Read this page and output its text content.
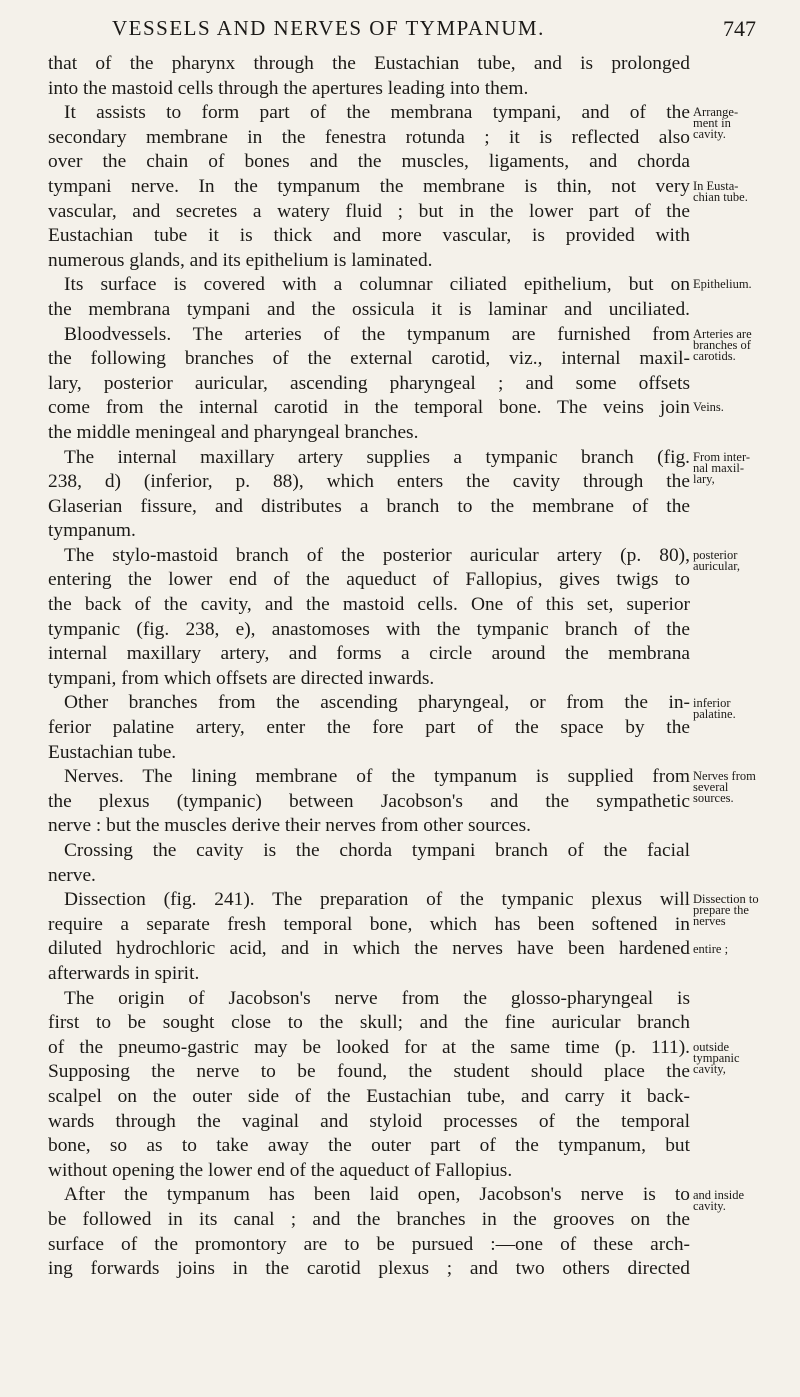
VESSELS AND NERVES OF TYMPANUM.	747
that of the pharynx through the Eustachian tube, and is prolonged
into the mastoid cells through the apertures leading into them.
It assists to form part of the membrana tympani, and of the
secondary membrane in the fenestra rotunda ; it is reflected also
over the chain of bones and the muscles, ligaments, and chorda
tympani nerve. In the tympanum the membrane is thin, not very
vascular, and secretes a watery fluid ; but in the lower part of the
Eustachian tube it is thick and more vascular, is provided with
numerous glands, and its epithelium is laminated.
Its surface is covered with a columnar ciliated epithelium, but on
the membrana tympani and the ossicula it is laminar and unciliated.
Bloodvessels. The arteries of the tympanum are furnished from
the following branches of the external carotid, viz., internal maxil-
lary, posterior auricular, ascending pharyngeal ; and some offsets
come from the internal carotid in the temporal bone. The veins join
the middle meningeal and pharyngeal branches.
The internal maxillary artery supplies a tympanic branch (fig.
238, d) (inferior, p. 88), which enters the cavity through the
Glaserian fissure, and distributes a branch to the membrane of the
tympanum.
The stylo-mastoid branch of the posterior auricular artery (p. 80),
entering the lower end of the aqueduct of Fallopius, gives twigs to
the back of the cavity, and the mastoid cells. One of this set, superior
tympanic (fig. 238, e), anastomoses with the tympanic branch of the
internal maxillary artery, and forms a circle around the membrana
tympani, from which offsets are directed inwards.
Other branches from the ascending pharyngeal, or from the in-
ferior palatine artery, enter the fore part of the space by the
Eustachian tube.
Nerves. The lining membrane of the tympanum is supplied from
the plexus (tympanic) between Jacobson's and the sympathetic
nerve : but the muscles derive their nerves from other sources.
Crossing the cavity is the chorda tympani branch of the facial
nerve.
Dissection (fig. 241). The preparation of the tympanic plexus will
require a separate fresh temporal bone, which has been softened in
diluted hydrochloric acid, and in which the nerves have been hardened
afterwards in spirit.
The origin of Jacobson's nerve from the glosso-pharyngeal is
first to be sought close to the skull; and the fine auricular branch
of the pneumo-gastric may be looked for at the same time (p. 111).
Supposing the nerve to be found, the student should place the
scalpel on the outer side of the Eustachian tube, and carry it back-
wards through the vaginal and styloid processes of the temporal
bone, so as to take away the outer part of the tympanum, but
without opening the lower end of the aqueduct of Fallopius.
After the tympanum has been laid open, Jacobson's nerve is to
be followed in its canal ; and the branches in the grooves on the
surface of the promontory are to be pursued :—one of these arch-
ing forwards joins in the carotid plexus ; and two others directed
Arrange-
ment in
cavity.
In Eusta-
chian tube.
Epithelium.
Arteries are
branches of
carotids.
Veins.
From inter-
nal maxil-
lary,
posterior
auricular,
inferior
palatine.
Nerves from
several
sources.
Dissection to
prepare the
nerves
entire ;
outside
tympanic
cavity,
and inside
cavity.
